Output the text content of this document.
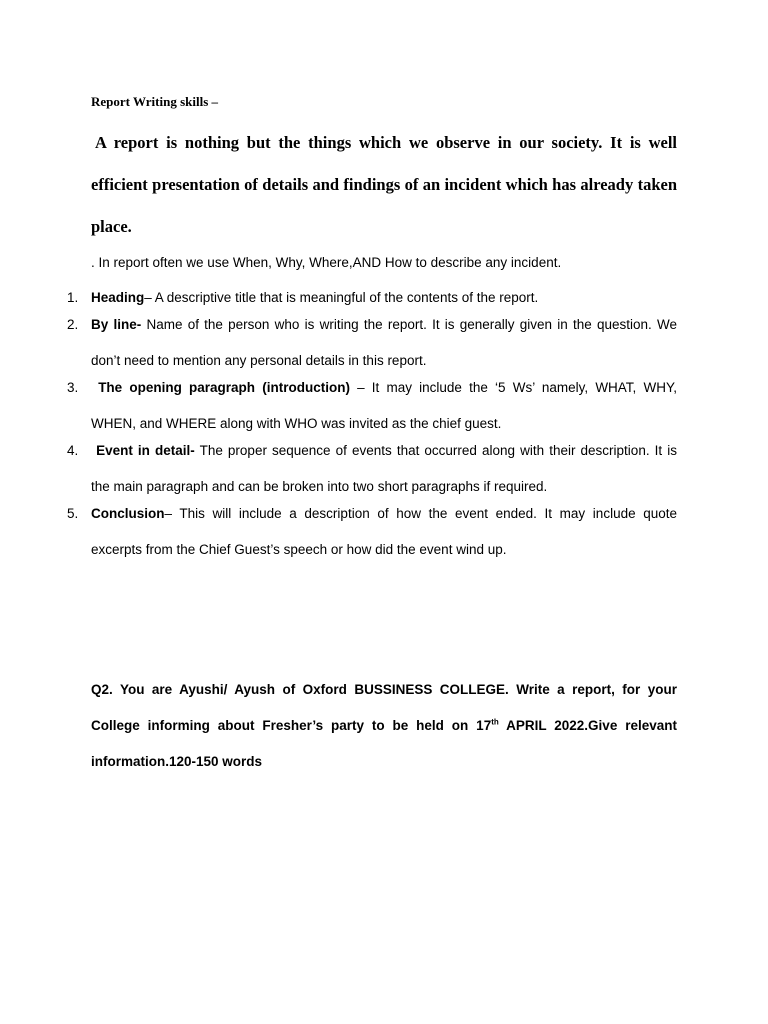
Report Writing skills –
A report is nothing but the things which we observe in our society. It is well efficient presentation of details and findings of an incident which has already taken place.
. In report often we use When, Why, Where,AND How to describe any incident.
1. Heading– A descriptive title that is meaningful of the contents of the report.
2. By line- Name of the person who is writing the report. It is generally given in the question. We don’t need to mention any personal details in this report.
3.	The opening paragraph (introduction) – It may include the ‘5 Ws’ namely, WHAT, WHY, WHEN, and WHERE along with WHO was invited as the chief guest.
4.	Event in detail- The proper sequence of events that occurred along with their description. It is the main paragraph and can be broken into two short paragraphs if required.
5. Conclusion– This will include a description of how the event ended. It may include quote excerpts from the Chief Guest’s speech or how did the event wind up.
Q2. You are Ayushi/ Ayush of Oxford BUSSINESS COLLEGE. Write a report, for your College informing about Fresher’s party to be held on 17th APRIL 2022.Give relevant information.120-150 words
